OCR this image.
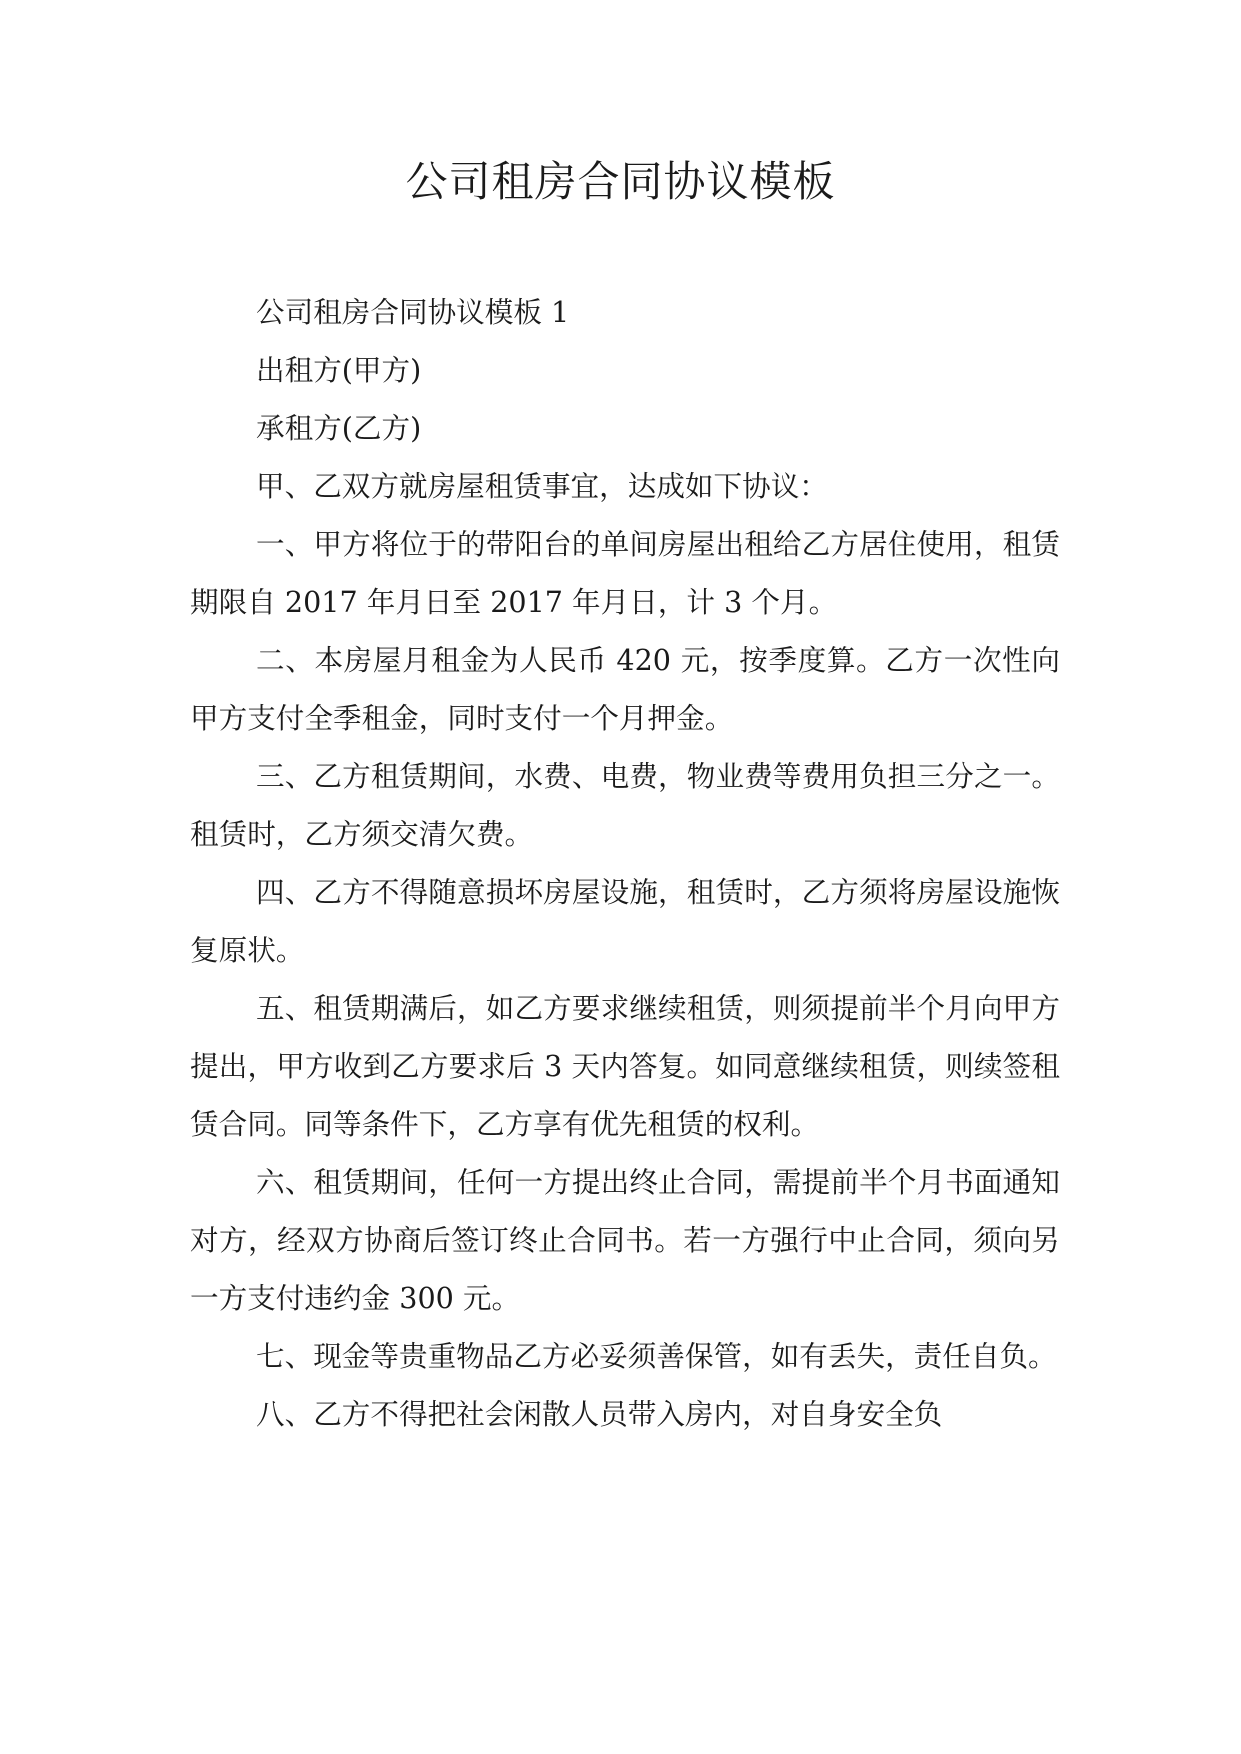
公司租房合同协议模板

公司租房合同协议模板 1

出租方(甲方)

承租方(乙方)

甲、乙双方就房屋租赁事宜，达成如下协议：

一、甲方将位于的带阳台的单间房屋出租给乙方居住使用，租赁期限自 2017 年月日至 2017 年月日，计 3 个月。

二、本房屋月租金为人民币 420 元，按季度算。乙方一次性向甲方支付全季租金，同时支付一个月押金。

三、乙方租赁期间，水费、电费，物业费等费用负担三分之一。租赁时，乙方须交清欠费。

四、乙方不得随意损坏房屋设施，租赁时，乙方须将房屋设施恢复原状。

五、租赁期满后，如乙方要求继续租赁，则须提前半个月向甲方提出，甲方收到乙方要求后 3 天内答复。如同意继续租赁，则续签租赁合同。同等条件下，乙方享有优先租赁的权利。

六、租赁期间，任何一方提出终止合同，需提前半个月书面通知对方，经双方协商后签订终止合同书。若一方强行中止合同，须向另一方支付违约金 300 元。

七、现金等贵重物品乙方必妥须善保管，如有丢失，责任自负。

八、乙方不得把社会闲散人员带入房内，对自身安全负
